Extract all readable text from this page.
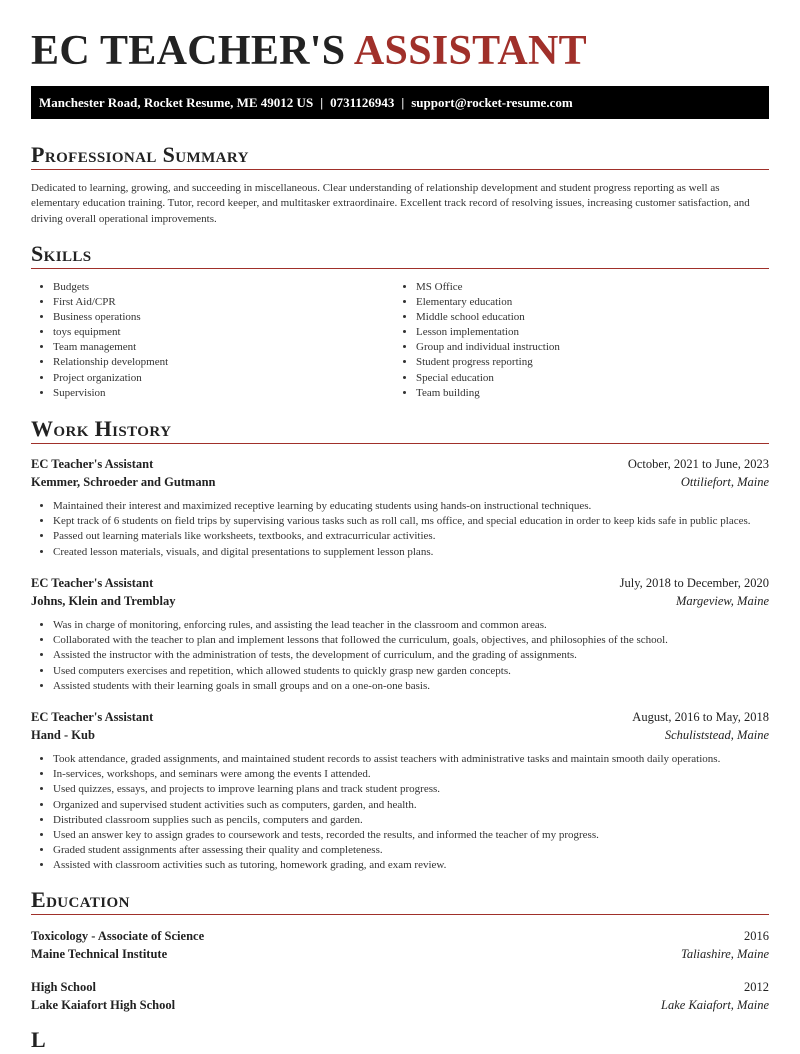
EC TEACHER'S ASSISTANT
Manchester Road, Rocket Resume, ME 49012 US | 0731126943 | support@rocket-resume.com
Professional Summary

Dedicated to learning, growing, and succeeding in miscellaneous. Clear understanding of relationship development and student progress reporting as well as elementary education training. Tutor, record keeper, and multitasker extraordinaire. Excellent track record of resolving issues, increasing customer satisfaction, and driving overall operational improvements.

Skills
• Budgets
• First Aid/CPR
• Business operations
• toys equipment
• Team management
• Relationship development
• Project organization
• Supervision
• MS Office
• Elementary education
• Middle school education
• Lesson implementation
• Group and individual instruction
• Student progress reporting
• Special education
• Team building
Work History
EC Teacher's Assistant	October, 2021 to June, 2023
Kemmer, Schroeder and Gutmann	Ottiliefort, Maine
• Maintained their interest and maximized receptive learning by educating students using hands-on instructional techniques.
• Kept track of 6 students on field trips by supervising various tasks such as roll call, ms office, and special education in order to keep kids safe in public places.
• Passed out learning materials like worksheets, textbooks, and extracurricular activities.
• Created lesson materials, visuals, and digital presentations to supplement lesson plans.
EC Teacher's Assistant	July, 2018 to December, 2020
Johns, Klein and Tremblay	Margeview, Maine
• Was in charge of monitoring, enforcing rules, and assisting the lead teacher in the classroom and common areas.
• Collaborated with the teacher to plan and implement lessons that followed the curriculum, goals, objectives, and philosophies of the school.
• Assisted the instructor with the administration of tests, the development of curriculum, and the grading of assignments.
• Used computers exercises and repetition, which allowed students to quickly grasp new garden concepts.
• Assisted students with their learning goals in small groups and on a one-on-one basis.
EC Teacher's Assistant	August, 2016 to May, 2018
Hand - Kub	Schuliststead, Maine
• Took attendance, graded assignments, and maintained student records to assist teachers with administrative tasks and maintain smooth daily operations.
• In-services, workshops, and seminars were among the events I attended.
• Used quizzes, essays, and projects to improve learning plans and track student progress.
• Organized and supervised student activities such as computers, garden, and health.
• Distributed classroom supplies such as pencils, computers and garden.
• Used an answer key to assign grades to coursework and tests, recorded the results, and informed the teacher of my progress.
• Graded student assignments after assessing their quality and completeness.
• Assisted with classroom activities such as tutoring, homework grading, and exam review.
Education
Toxicology - Associate of Science	2016
Maine Technical Institute	Taliashire, Maine
High School	2012
Lake Kaiafort High School	Lake Kaiafort, Maine
L
